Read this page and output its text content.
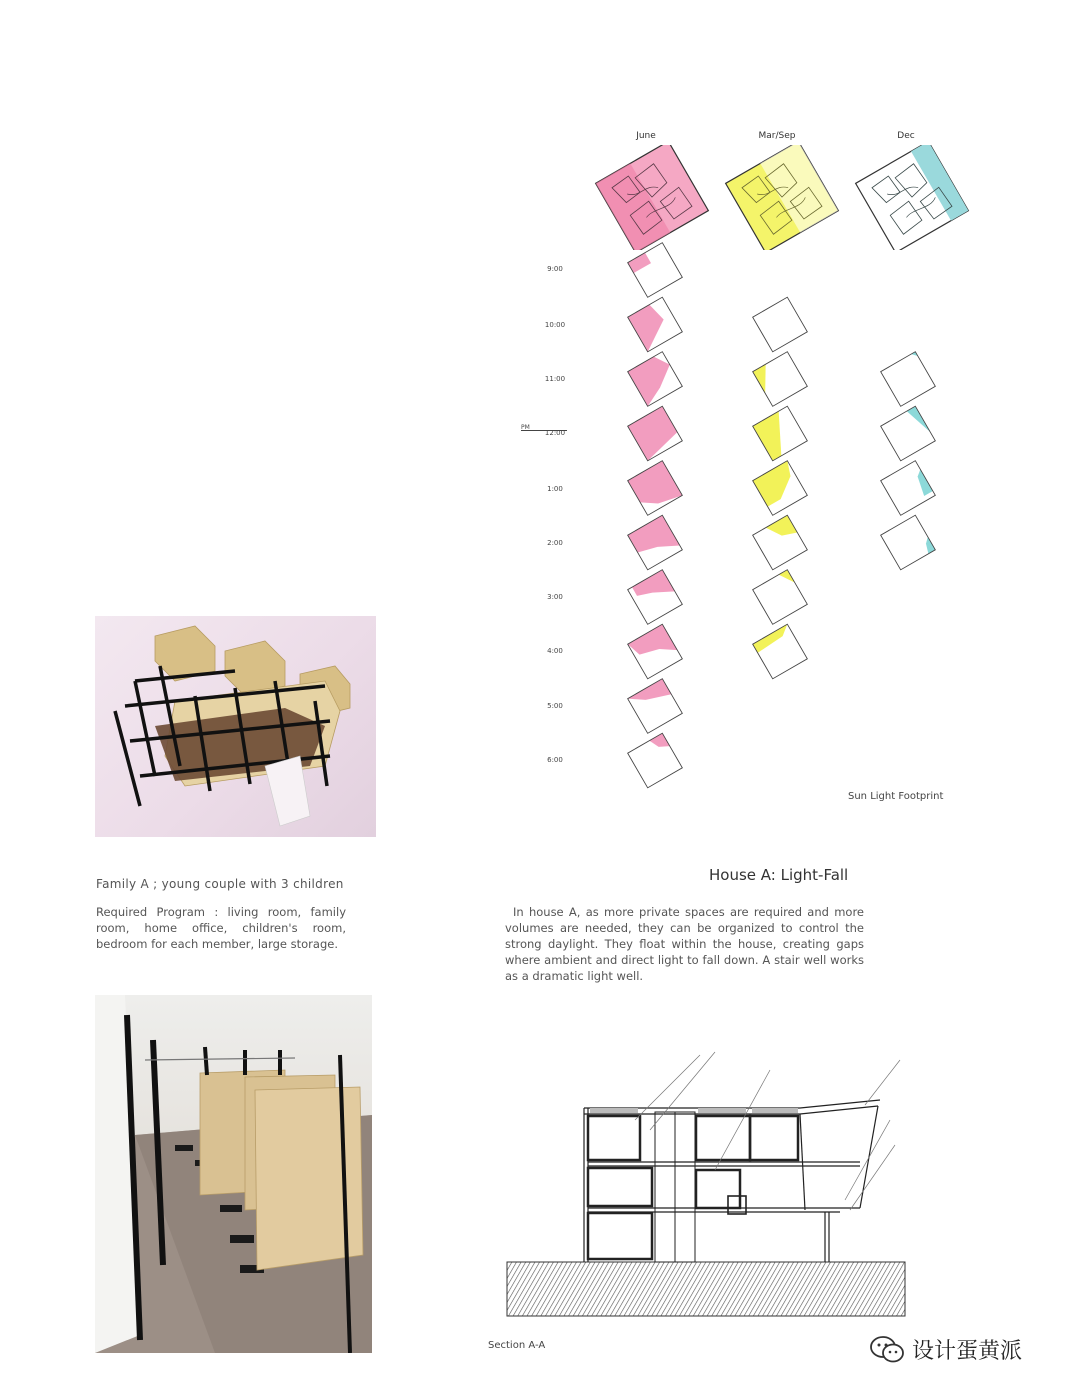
June	Mar/Sep	Dec
9:00
10:00
11:00
PM
12:00
1:00
2:00
3:00
4:00
5:00
6:00
Sun Light Footprint
Family A ; young couple with 3 children
Required Program : living room, family room, home office, children's room, bedroom for each member, large storage.
House A: Light-Fall
In house A, as more private spaces are required and more volumes are needed, they can be organized to control the strong daylight. They float within the house, creating gaps where ambient and direct light to fall down. A stair well works as a dramatic light well.
Section A-A	设计蛋黄派
